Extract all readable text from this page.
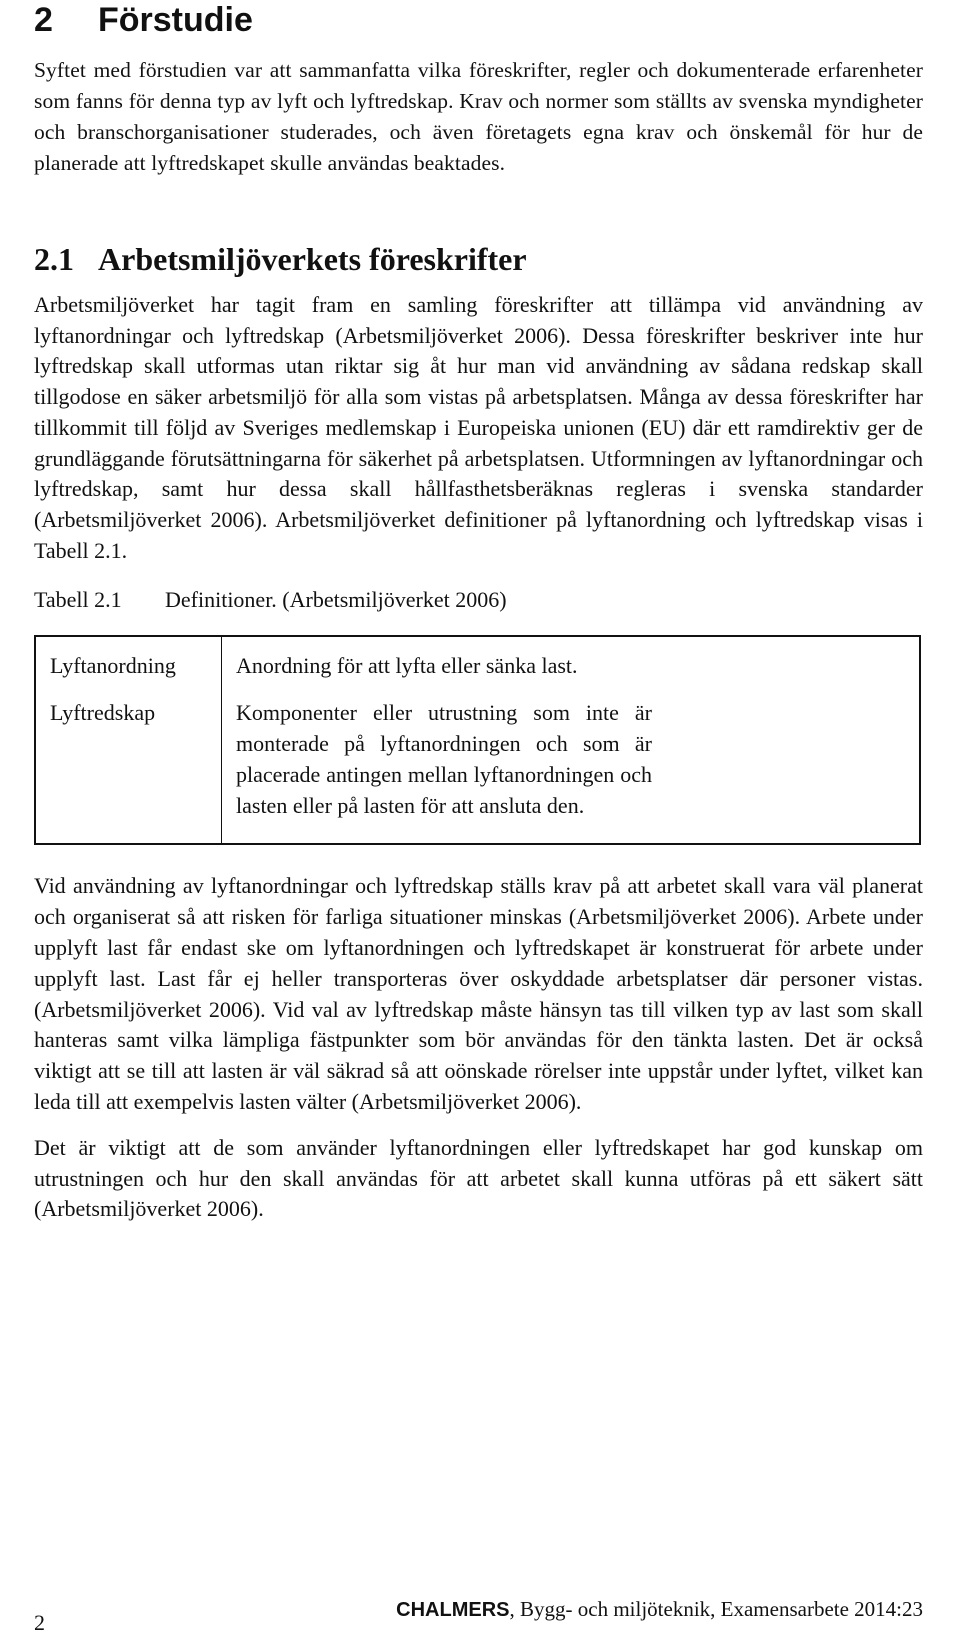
2 Förstudie

Syftet med förstudien var att sammanfatta vilka föreskrifter, regler och dokumenterade erfarenheter som fanns för denna typ av lyft och lyftredskap. Krav och normer som ställts av svenska myndigheter och branschorganisationer studerades, och även företagets egna krav och önskemål för hur de planerade att lyftredskapet skulle användas beaktades.

2.1 Arbetsmiljöverkets föreskrifter

Arbetsmiljöverket har tagit fram en samling föreskrifter att tillämpa vid användning av lyftanordningar och lyftredskap (Arbetsmiljöverket 2006). Dessa föreskrifter beskriver inte hur lyftredskap skall utformas utan riktar sig åt hur man vid användning av sådana redskap skall tillgodose en säker arbetsmiljö för alla som vistas på arbetsplatsen. Många av dessa föreskrifter har tillkommit till följd av Sveriges medlemskap i Europeiska unionen (EU) där ett ramdirektiv ger de grundläggande förutsättningarna för säkerhet på arbetsplatsen. Utformningen av lyftanordningar och lyftredskap, samt hur dessa skall hållfasthetsberäknas regleras i svenska standarder (Arbetsmiljöverket 2006). Arbetsmiljöverket definitioner på lyftanordning och lyftredskap visas i Tabell 2.1.

Tabell 2.1 Definitioner. (Arbetsmiljöverket 2006)
Lyftanordning	Anordning för att lyfta eller sänka last.

Lyftredskap	Komponenter eller utrustning som inte är monterade på lyftanordningen och som är placerade antingen mellan lyftanordningen och lasten eller på lasten för att ansluta den.

Vid användning av lyftanordningar och lyftredskap ställs krav på att arbetet skall vara väl planerat och organiserat så att risken för farliga situationer minskas (Arbetsmiljöverket 2006). Arbete under upplyft last får endast ske om lyftanordningen och lyftredskapet är konstruerat för arbete under upplyft last. Last får ej heller transporteras över oskyddade arbetsplatser där personer vistas. (Arbetsmiljöverket 2006). Vid val av lyftredskap måste hänsyn tas till vilken typ av last som skall hanteras samt vilka lämpliga fästpunkter som bör användas för den tänkta lasten. Det är också viktigt att se till att lasten är väl säkrad så att oönskade rörelser inte uppstår under lyftet, vilket kan leda till att exempelvis lasten välter (Arbetsmiljöverket 2006).

Det är viktigt att de som använder lyftanordningen eller lyftredskapet har god kunskap om utrustningen och hur den skall användas för att arbetet skall kunna utföras på ett säkert sätt (Arbetsmiljöverket 2006).

2	CHALMERS, Bygg- och miljöteknik, Examensarbete 2014:23
